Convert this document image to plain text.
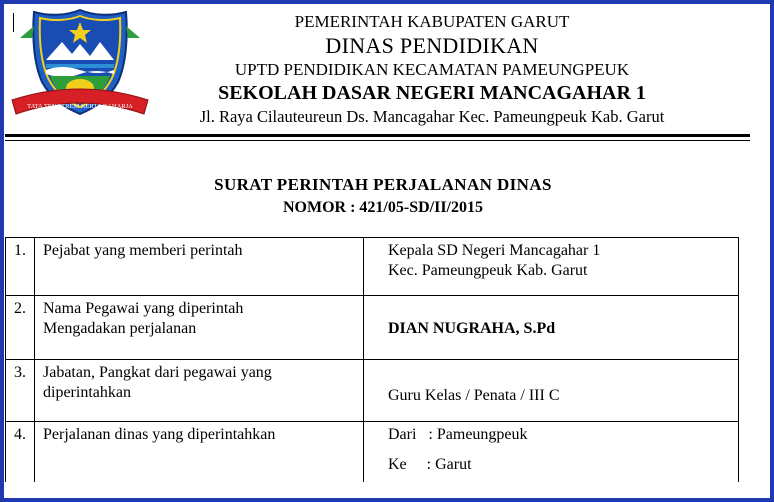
TATA TENGTREM KERTA RAHARJA
PEMERINTAH KABUPATEN GARUT
DINAS PENDIDIKAN
UPTD PENDIDIKAN KECAMATAN PAMEUNGPEUK
SEKOLAH DASAR NEGERI MANCAGAHAR 1
Jl. Raya Cilauteureun Ds. Mancagahar Kec. Pameungpeuk Kab. Garut
SURAT PERINTAH PERJALANAN DINAS
NOMOR : 421/05-SD/II/2015
1.	Pejabat yang memberi perintah	Kepala SD Negeri Mancagahar 1
Kec. Pameungpeuk Kab. Garut

2.	Nama Pegawai yang diperintah
Mengadakan perjalanan	DIAN NUGRAHA, S.Pd

3.	Jabatan, Pangkat dari pegawai yang
diperintahkan	Guru Kelas / Penata / III C

4.	Perjalanan dinas yang diperintahkan	Dari   : Pameungpeuk
Ke     : Garut
